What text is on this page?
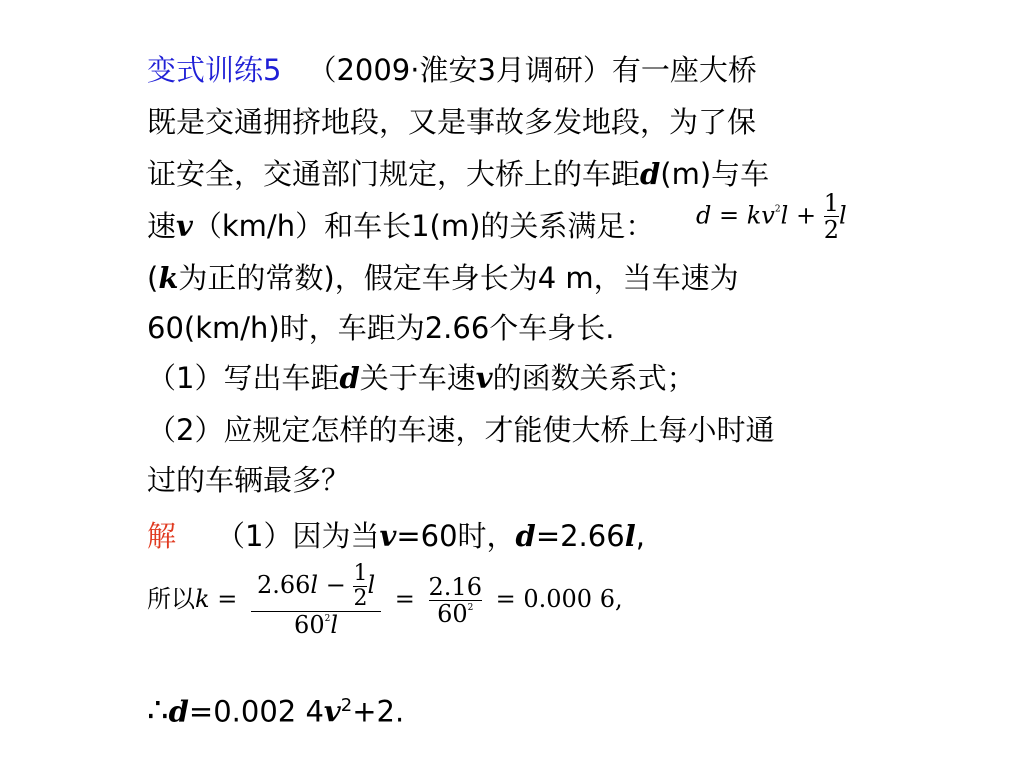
变式训练5 （2009·淮安3月调研）有一座大桥
既是交通拥挤地段，又是事故多发地段，为了保
证安全，交通部门规定，大桥上的车距d(m)与车
速v（km/h）和车长1(m)的关系满足： $d = kv^2l + \frac{1}{2}$ l
(k为正的常数)，假定车身长为4 m，当车速为
60(km/h)时，车距为2.66个车身长.
（1）写出车距d关于车速v的函数关系式；
（2）应规定怎样的车速，才能使大桥上每小时通
过的车辆最多？
解 （1）因为当v=60时，d=2.66l,
所以$k = \frac{2.66l - \frac{1}{2} l}{60^2l} = \frac{2.16}{60^2} = 0.000$ 6,
∴d=0.002 $4v^2+2$.
